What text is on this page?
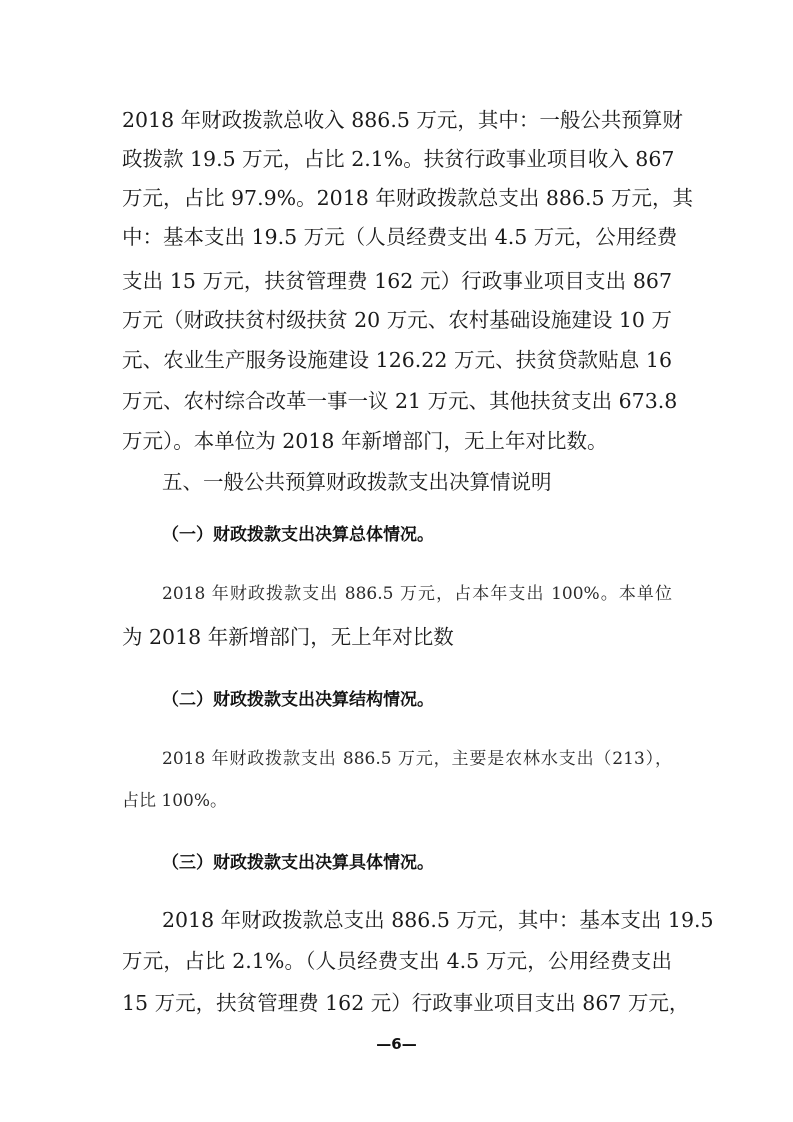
2018 年财政拨款总收入 886.5 万元，其中：一般公共预算财
政拨款 19.5 万元，占比 2.1%。扶贫行政事业项目收入 867
万元，占比 97.9%。2018 年财政拨款总支出 886.5 万元，其
中：基本支出 19.5 万元（人员经费支出 4.5 万元，公用经费
支出 15 万元，扶贫管理费 162 元）行政事业项目支出 867
万元（财政扶贫村级扶贫 20 万元、农村基础设施建设 10 万
元、农业生产服务设施建设 126.22 万元、扶贫贷款贴息 16
万元、农村综合改革一事一议 21 万元、其他扶贫支出 673.8
万元）。本单位为 2018 年新增部门，无上年对比数。
五、一般公共预算财政拨款支出决算情说明
（一）财政拨款支出决算总体情况。
2018 年财政拨款支出 886.5 万元，占本年支出 100%。本单位
为 2018 年新增部门，无上年对比数
（二）财政拨款支出决算结构情况。
2018 年财政拨款支出 886.5 万元，主要是农林水支出（213），
占比 100%。
（三）财政拨款支出决算具体情况。
2018 年财政拨款总支出 886.5 万元，其中：基本支出 19.5
万元，占比 2.1%。（人员经费支出 4.5 万元，公用经费支出
15 万元，扶贫管理费 162 元）行政事业项目支出 867 万元，
—6—
